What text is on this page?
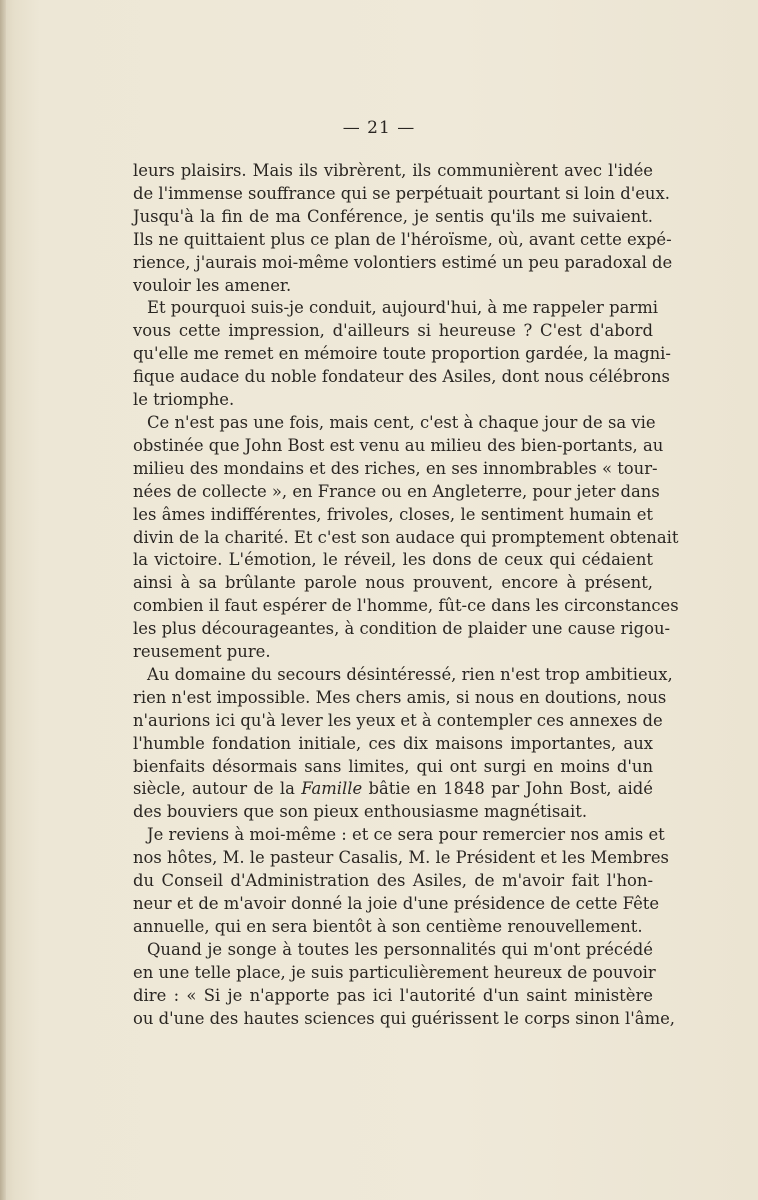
— 21 —
leurs plaisirs. Mais ils vibrèrent, ils communièrent avec l'idée
de l'immense souffrance qui se perpétuait pourtant si loin d'eux.
Jusqu'à la fin de ma Conférence, je sentis qu'ils me suivaient.
Ils ne quittaient plus ce plan de l'héroïsme, où, avant cette expé-
rience, j'aurais moi-même volontiers estimé un peu paradoxal de
vouloir les amener.
Et pourquoi suis-je conduit, aujourd'hui, à me rappeler parmi
vous cette impression, d'ailleurs si heureuse ? C'est d'abord
qu'elle me remet en mémoire toute proportion gardée, la magni-
fique audace du noble fondateur des Asiles, dont nous célébrons
le triomphe.
Ce n'est pas une fois, mais cent, c'est à chaque jour de sa vie
obstinée que John Bost est venu au milieu des bien-portants, au
milieu des mondains et des riches, en ses innombrables « tour-
nées de collecte », en France ou en Angleterre, pour jeter dans
les âmes indifférentes, frivoles, closes, le sentiment humain et
divin de la charité. Et c'est son audace qui promptement obtenait
la victoire. L'émotion, le réveil, les dons de ceux qui cédaient
ainsi à sa brûlante parole nous prouvent, encore à présent,
combien il faut espérer de l'homme, fût-ce dans les circonstances
les plus décourageantes, à condition de plaider une cause rigou-
reusement pure.
Au domaine du secours désintéressé, rien n'est trop ambitieux,
rien n'est impossible. Mes chers amis, si nous en doutions, nous
n'aurions ici qu'à lever les yeux et à contempler ces annexes de
l'humble fondation initiale, ces dix maisons importantes, aux
bienfaits désormais sans limites, qui ont surgi en moins d'un
siècle, autour de la Famille bâtie en 1848 par John Bost, aidé
des bouviers que son pieux enthousiasme magnétisait.
Je reviens à moi-même : et ce sera pour remercier nos amis et
nos hôtes, M. le pasteur Casalis, M. le Président et les Membres
du Conseil d'Administration des Asiles, de m'avoir fait l'hon-
neur et de m'avoir donné la joie d'une présidence de cette Fête
annuelle, qui en sera bientôt à son centième renouvellement.
Quand je songe à toutes les personnalités qui m'ont précédé
en une telle place, je suis particulièrement heureux de pouvoir
dire : « Si je n'apporte pas ici l'autorité d'un saint ministère
ou d'une des hautes sciences qui guérissent le corps sinon l'âme,
